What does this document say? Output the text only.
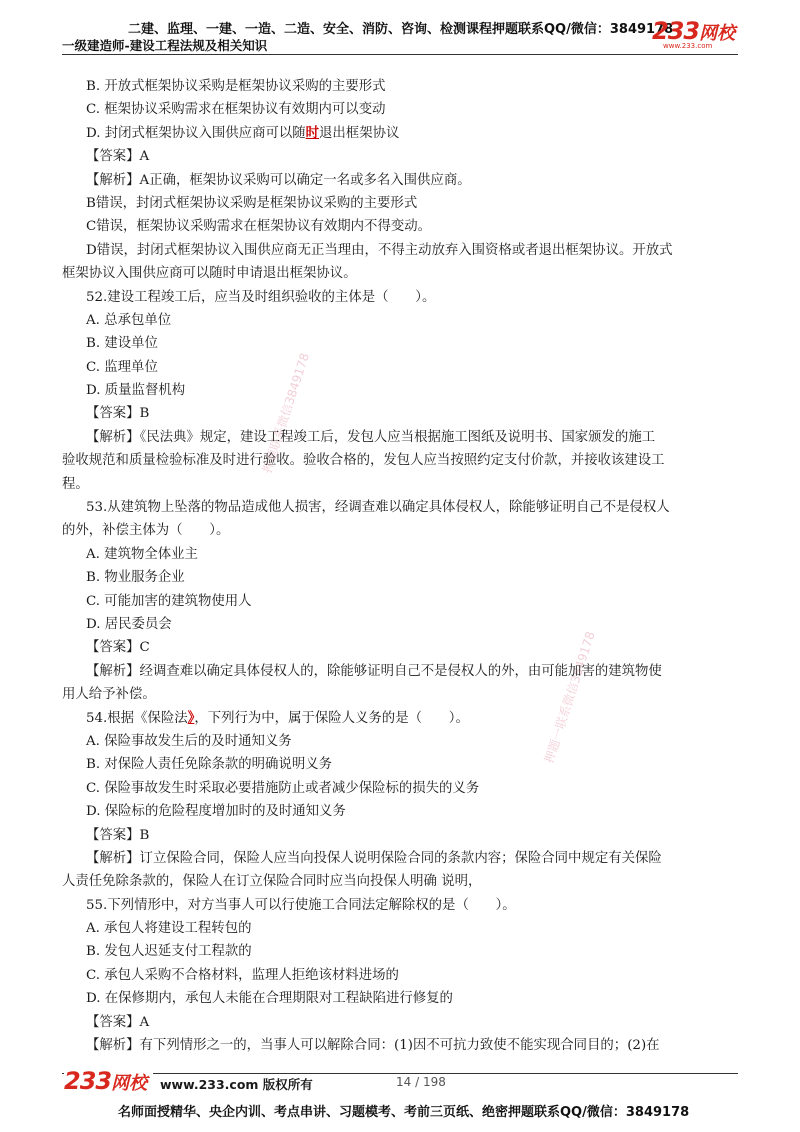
二建、监理、一建、一造、二造、安全、消防、咨询、检测课程押题联系QQ/微信：3849178
一级建造师-建设工程法规及相关知识
233网校
www.233.com
押题联系微信3849178
押题一联系微信3849178
B. 开放式框架协议采购是框架协议采购的主要形式
C. 框架协议采购需求在框架协议有效期内可以变动
D. 封闭式框架协议入围供应商可以随时退出框架协议
【答案】A
【解析】A正确，框架协议采购可以确定一名或多名入围供应商。
B错误，封闭式框架协议采购是框架协议采购的主要形式
C错误，框架协议采购需求在框架协议有效期内不得变动。
D错误，封闭式框架协议入围供应商无正当理由，不得主动放弃入围资格或者退出框架协议。开放式
框架协议入围供应商可以随时申请退出框架协议。
52.建设工程竣工后，应当及时组织验收的主体是（　　）。
A. 总承包单位
B. 建设单位
C. 监理单位
D. 质量监督机构
【答案】B
【解析】《民法典》规定，建设工程竣工后，发包人应当根据施工图纸及说明书、国家颁发的施工
验收规范和质量检验标准及时进行验收。验收合格的，发包人应当按照约定支付价款，并接收该建设工
程。
53.从建筑物上坠落的物品造成他人损害，经调查难以确定具体侵权人，除能够证明自己不是侵权人
的外，补偿主体为（　　）。
A. 建筑物全体业主
B. 物业服务企业
C. 可能加害的建筑物使用人
D. 居民委员会
【答案】C
【解析】经调查难以确定具体侵权人的，除能够证明自己不是侵权人的外，由可能加害的建筑物使
用人给予补偿。
54.根据《保险法》，下列行为中，属于保险人义务的是（　　）。
A. 保险事故发生后的及时通知义务
B. 对保险人责任免除条款的明确说明义务
C. 保险事故发生时采取必要措施防止或者减少保险标的损失的义务
D. 保险标的危险程度增加时的及时通知义务
【答案】B
【解析】订立保险合同，保险人应当向投保人说明保险合同的条款内容；保险合同中规定有关保险
人责任免除条款的，保险人在订立保险合同时应当向投保人明确 说明，
55.下列情形中，对方当事人可以行使施工合同法定解除权的是（　　）。
A. 承包人将建设工程转包的
B. 发包人迟延支付工程款的
C. 承包人采购不合格材料，监理人拒绝该材料进场的
D. 在保修期内，承包人未能在合理期限对工程缺陷进行修复的
【答案】A
【解析】有下列情形之一的，当事人可以解除合同：(1)因不可抗力致使不能实现合同目的；(2)在
233网校	www.233.com 版权所有	14 / 198
名师面授精华、央企内训、考点串讲、习题模考、考前三页纸、绝密押题联系QQ/微信：3849178
